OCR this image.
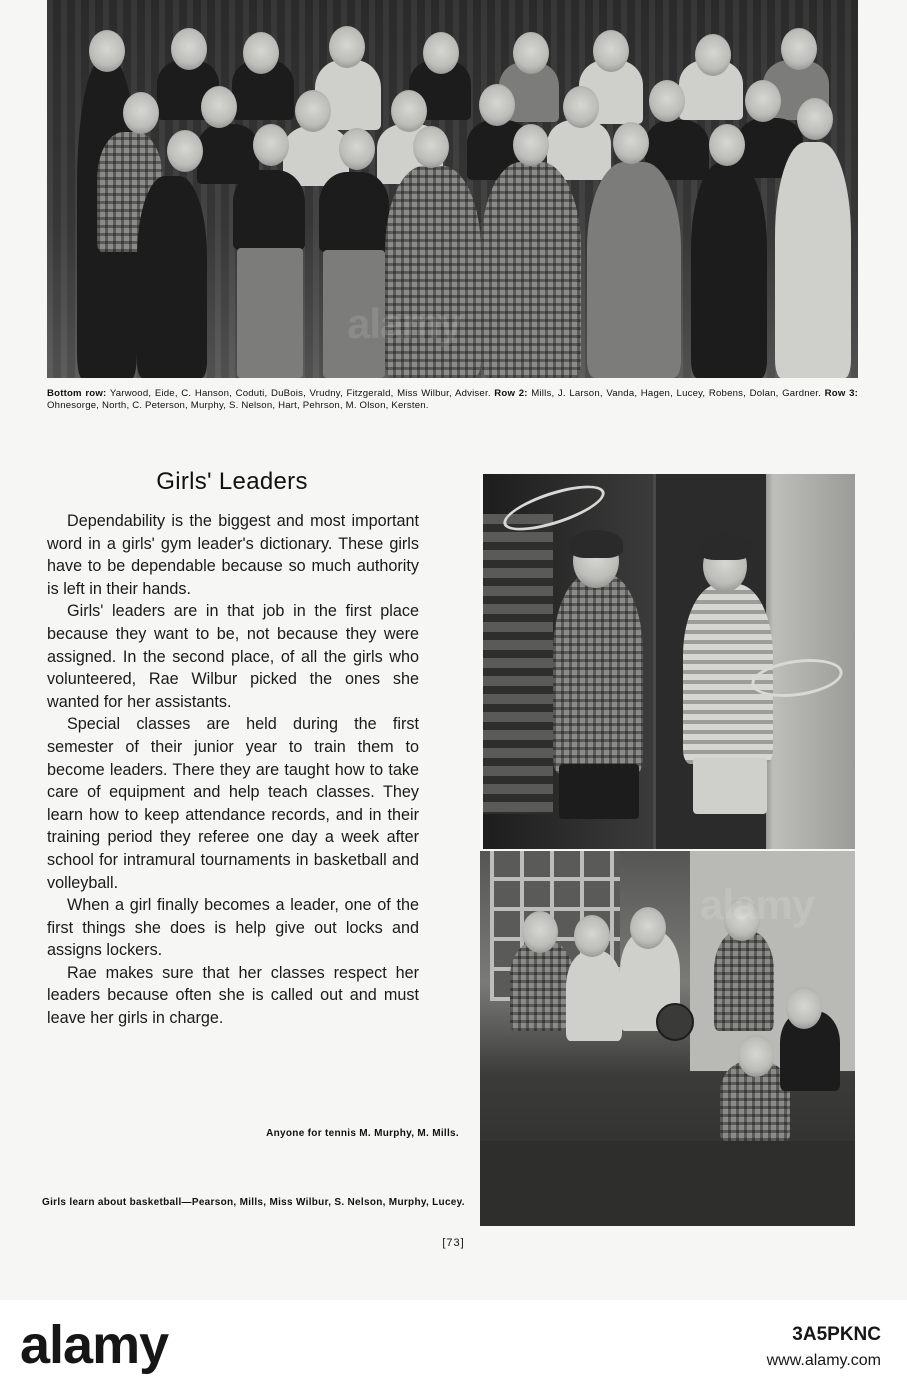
alamy
Bottom row: Yarwood, Eide, C. Hanson, Coduti, DuBois, Vrudny, Fitzgerald, Miss Wilbur, Adviser. Row 2: Mills, J. Larson, Vanda, Hagen, Lucey, Robens, Dolan, Gardner. Row 3: Ohnesorge, North, C. Peterson, Murphy, S. Nelson, Hart, Pehrson, M. Olson, Kersten.
Girls' Leaders

Dependability is the biggest and most important word in a girls' gym leader's dictionary. These girls have to be dependable because so much authority is left in their hands.

Girls' leaders are in that job in the first place because they want to be, not because they were assigned. In the second place, of all the girls who volunteered, Rae Wilbur picked the ones she wanted for her assistants.

Special classes are held during the first semester of their junior year to train them to become leaders. There they are taught how to take care of equipment and help teach classes. They learn how to keep attendance records, and in their training period they referee one day a week after school for intramural tournaments in basketball and volleyball.

When a girl finally becomes a leader, one of the first things she does is help give out locks and assigns lockers.

Rae makes sure that her classes respect her leaders because often she is called out and must leave her girls in charge.

Anyone for tennis M. Murphy, M. Mills.
Girls learn about basketball—Pearson, Mills, Miss Wilbur, S. Nelson, Murphy, Lucey.
alamy
[73]
alamy	3A5PKNC
www.alamy.com
